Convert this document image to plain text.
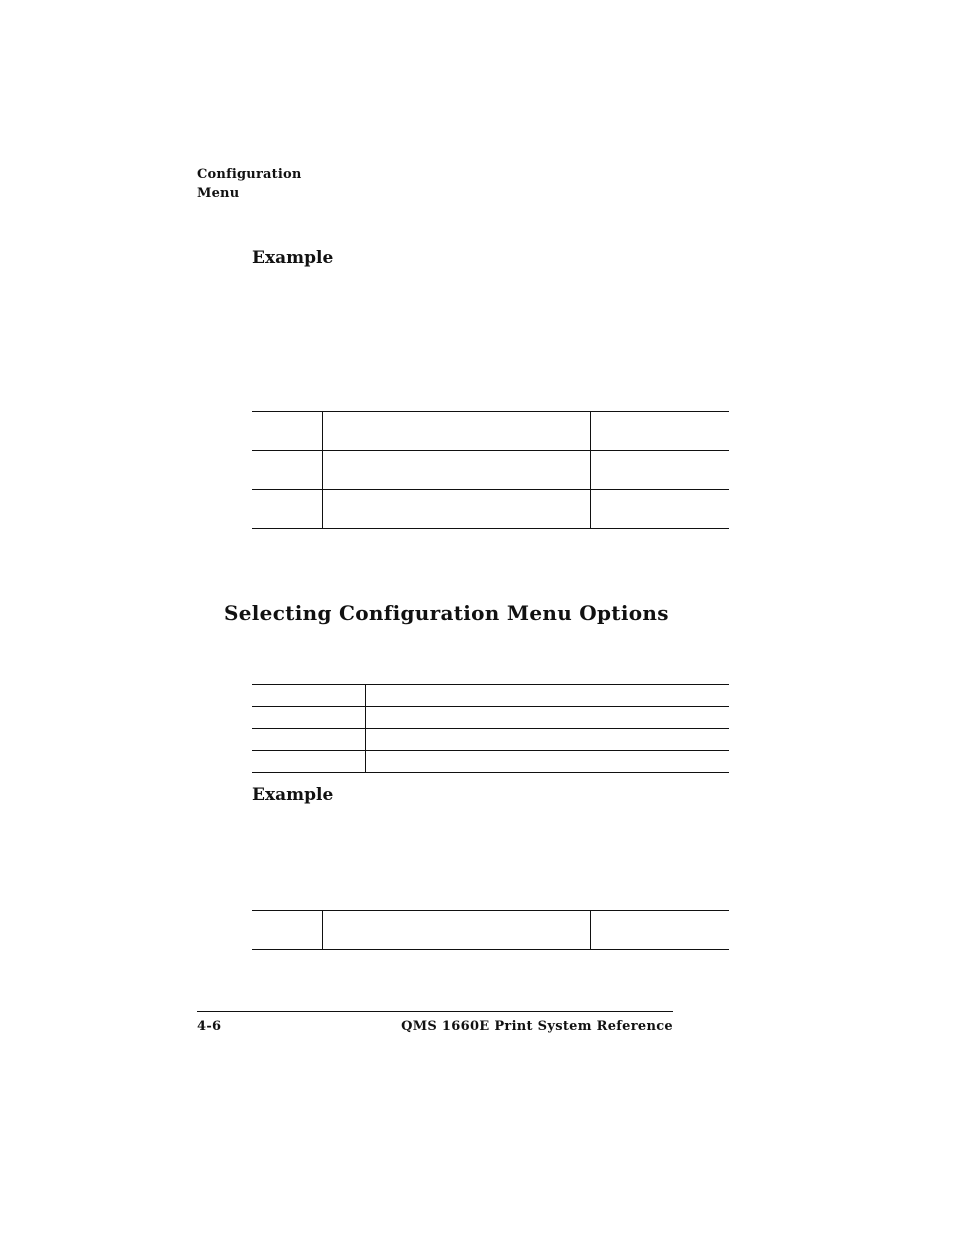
Configuration
Menu
Example

Selecting Configuration Menu Options

Example

4-6	QMS 1660E Print System Reference
